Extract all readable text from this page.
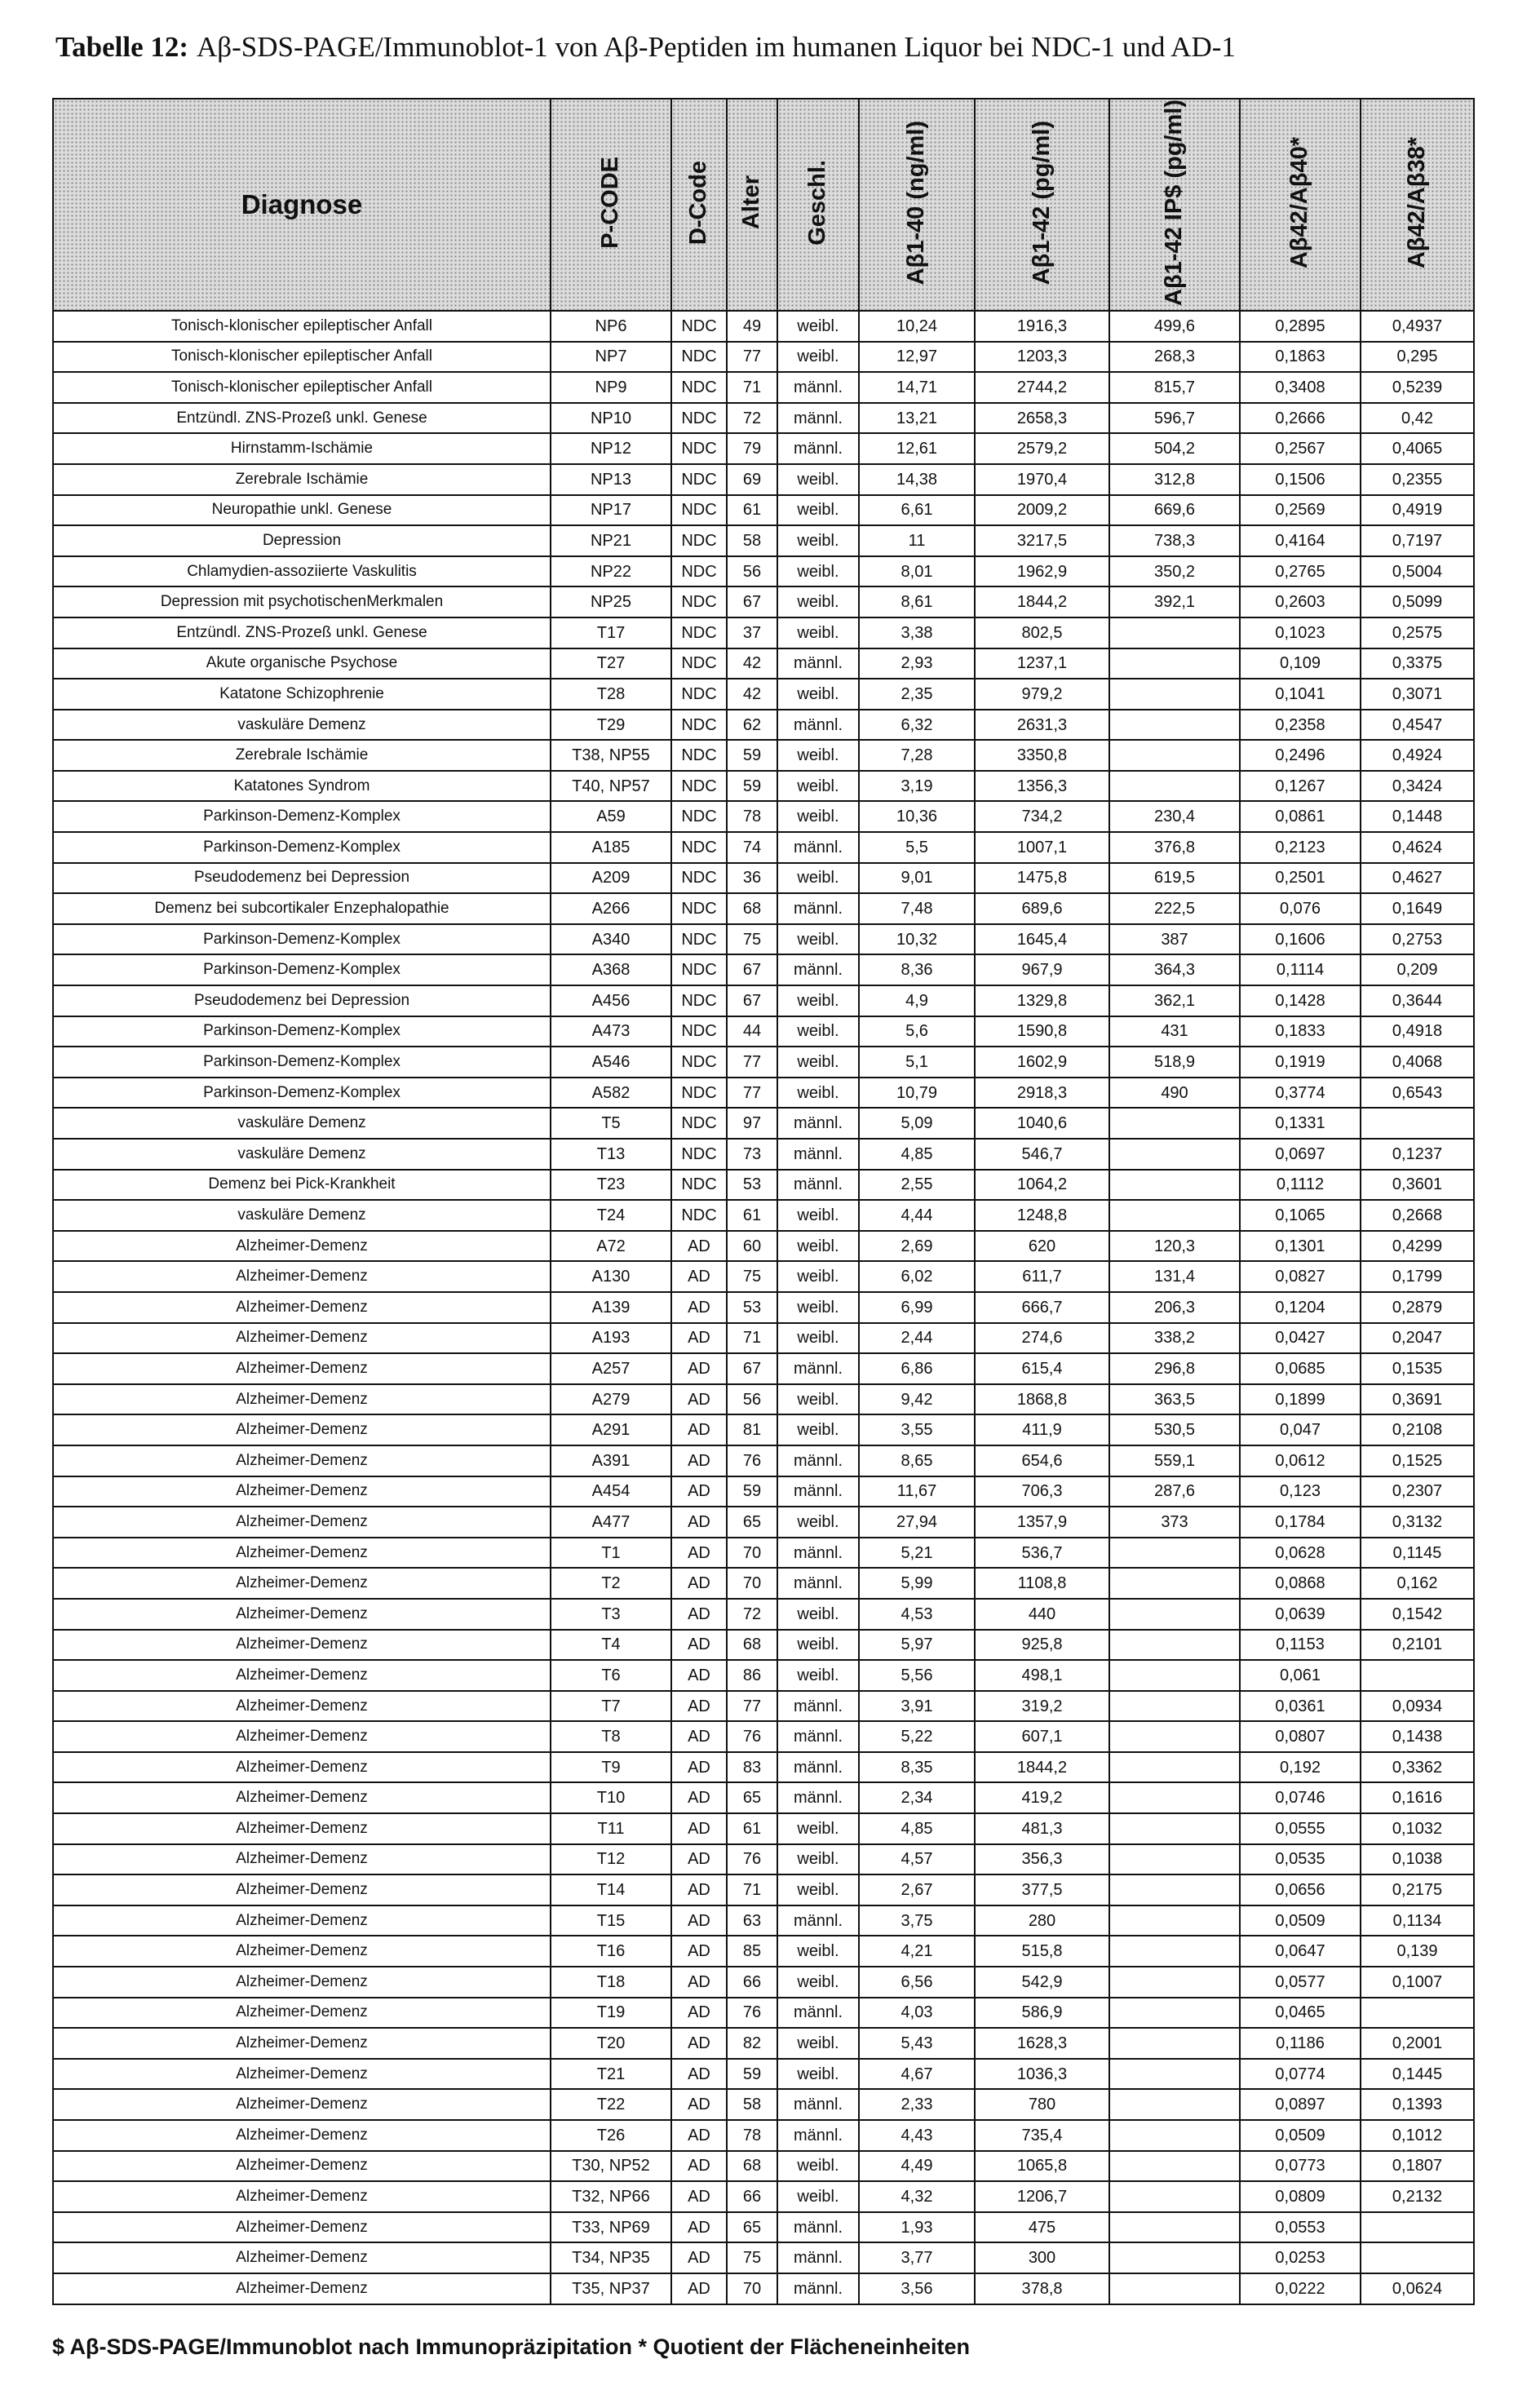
Tabelle 12: Aβ-SDS-PAGE/Immunoblot-1 von Aβ-Peptiden im humanen Liquor bei NDC-1 und AD-1
Diagnose	P-CODE	D-Code	Alter	Geschl.	Aβ1-40 (ng/ml)	Aβ1-42 (pg/ml)	Aβ1-42 IP$ (pg/ml)	Aβ42/Aβ40*	Aβ42/Aβ38*
Tonisch-klonischer epileptischer Anfall	NP6	NDC	49	weibl.	10,24	1916,3	499,6	0,2895	0,4937
Tonisch-klonischer epileptischer Anfall	NP7	NDC	77	weibl.	12,97	1203,3	268,3	0,1863	0,295
Tonisch-klonischer epileptischer Anfall	NP9	NDC	71	männl.	14,71	2744,2	815,7	0,3408	0,5239
Entzündl. ZNS-Prozeß unkl. Genese	NP10	NDC	72	männl.	13,21	2658,3	596,7	0,2666	0,42
Hirnstamm-Ischämie	NP12	NDC	79	männl.	12,61	2579,2	504,2	0,2567	0,4065
Zerebrale Ischämie	NP13	NDC	69	weibl.	14,38	1970,4	312,8	0,1506	0,2355
Neuropathie unkl. Genese	NP17	NDC	61	weibl.	6,61	2009,2	669,6	0,2569	0,4919
Depression	NP21	NDC	58	weibl.	11	3217,5	738,3	0,4164	0,7197
Chlamydien-assoziierte Vaskulitis	NP22	NDC	56	weibl.	8,01	1962,9	350,2	0,2765	0,5004
Depression mit psychotischenMerkmalen	NP25	NDC	67	weibl.	8,61	1844,2	392,1	0,2603	0,5099
Entzündl. ZNS-Prozeß unkl. Genese	T17	NDC	37	weibl.	3,38	802,5		0,1023	0,2575
Akute organische Psychose	T27	NDC	42	männl.	2,93	1237,1		0,109	0,3375
Katatone Schizophrenie	T28	NDC	42	weibl.	2,35	979,2		0,1041	0,3071
vaskuläre Demenz	T29	NDC	62	männl.	6,32	2631,3		0,2358	0,4547
Zerebrale Ischämie	T38, NP55	NDC	59	weibl.	7,28	3350,8		0,2496	0,4924
Katatones Syndrom	T40, NP57	NDC	59	weibl.	3,19	1356,3		0,1267	0,3424
Parkinson-Demenz-Komplex	A59	NDC	78	weibl.	10,36	734,2	230,4	0,0861	0,1448
Parkinson-Demenz-Komplex	A185	NDC	74	männl.	5,5	1007,1	376,8	0,2123	0,4624
Pseudodemenz bei Depression	A209	NDC	36	weibl.	9,01	1475,8	619,5	0,2501	0,4627
Demenz bei subcortikaler Enzephalopathie	A266	NDC	68	männl.	7,48	689,6	222,5	0,076	0,1649
Parkinson-Demenz-Komplex	A340	NDC	75	weibl.	10,32	1645,4	387	0,1606	0,2753
Parkinson-Demenz-Komplex	A368	NDC	67	männl.	8,36	967,9	364,3	0,1114	0,209
Pseudodemenz bei Depression	A456	NDC	67	weibl.	4,9	1329,8	362,1	0,1428	0,3644
Parkinson-Demenz-Komplex	A473	NDC	44	weibl.	5,6	1590,8	431	0,1833	0,4918
Parkinson-Demenz-Komplex	A546	NDC	77	weibl.	5,1	1602,9	518,9	0,1919	0,4068
Parkinson-Demenz-Komplex	A582	NDC	77	weibl.	10,79	2918,3	490	0,3774	0,6543
vaskuläre Demenz	T5	NDC	97	männl.	5,09	1040,6		0,1331	
vaskuläre Demenz	T13	NDC	73	männl.	4,85	546,7		0,0697	0,1237
Demenz bei Pick-Krankheit	T23	NDC	53	männl.	2,55	1064,2		0,1112	0,3601
vaskuläre Demenz	T24	NDC	61	weibl.	4,44	1248,8		0,1065	0,2668
Alzheimer-Demenz	A72	AD	60	weibl.	2,69	620	120,3	0,1301	0,4299
Alzheimer-Demenz	A130	AD	75	weibl.	6,02	611,7	131,4	0,0827	0,1799
Alzheimer-Demenz	A139	AD	53	weibl.	6,99	666,7	206,3	0,1204	0,2879
Alzheimer-Demenz	A193	AD	71	weibl.	2,44	274,6	338,2	0,0427	0,2047
Alzheimer-Demenz	A257	AD	67	männl.	6,86	615,4	296,8	0,0685	0,1535
Alzheimer-Demenz	A279	AD	56	weibl.	9,42	1868,8	363,5	0,1899	0,3691
Alzheimer-Demenz	A291	AD	81	weibl.	3,55	411,9	530,5	0,047	0,2108
Alzheimer-Demenz	A391	AD	76	männl.	8,65	654,6	559,1	0,0612	0,1525
Alzheimer-Demenz	A454	AD	59	männl.	11,67	706,3	287,6	0,123	0,2307
Alzheimer-Demenz	A477	AD	65	weibl.	27,94	1357,9	373	0,1784	0,3132
Alzheimer-Demenz	T1	AD	70	männl.	5,21	536,7		0,0628	0,1145
Alzheimer-Demenz	T2	AD	70	männl.	5,99	1108,8		0,0868	0,162
Alzheimer-Demenz	T3	AD	72	weibl.	4,53	440		0,0639	0,1542
Alzheimer-Demenz	T4	AD	68	weibl.	5,97	925,8		0,1153	0,2101
Alzheimer-Demenz	T6	AD	86	weibl.	5,56	498,1		0,061	
Alzheimer-Demenz	T7	AD	77	männl.	3,91	319,2		0,0361	0,0934
Alzheimer-Demenz	T8	AD	76	männl.	5,22	607,1		0,0807	0,1438
Alzheimer-Demenz	T9	AD	83	männl.	8,35	1844,2		0,192	0,3362
Alzheimer-Demenz	T10	AD	65	männl.	2,34	419,2		0,0746	0,1616
Alzheimer-Demenz	T11	AD	61	weibl.	4,85	481,3		0,0555	0,1032
Alzheimer-Demenz	T12	AD	76	weibl.	4,57	356,3		0,0535	0,1038
Alzheimer-Demenz	T14	AD	71	weibl.	2,67	377,5		0,0656	0,2175
Alzheimer-Demenz	T15	AD	63	männl.	3,75	280		0,0509	0,1134
Alzheimer-Demenz	T16	AD	85	weibl.	4,21	515,8		0,0647	0,139
Alzheimer-Demenz	T18	AD	66	weibl.	6,56	542,9		0,0577	0,1007
Alzheimer-Demenz	T19	AD	76	männl.	4,03	586,9		0,0465	
Alzheimer-Demenz	T20	AD	82	weibl.	5,43	1628,3		0,1186	0,2001
Alzheimer-Demenz	T21	AD	59	weibl.	4,67	1036,3		0,0774	0,1445
Alzheimer-Demenz	T22	AD	58	männl.	2,33	780		0,0897	0,1393
Alzheimer-Demenz	T26	AD	78	männl.	4,43	735,4		0,0509	0,1012
Alzheimer-Demenz	T30, NP52	AD	68	weibl.	4,49	1065,8		0,0773	0,1807
Alzheimer-Demenz	T32, NP66	AD	66	weibl.	4,32	1206,7		0,0809	0,2132
Alzheimer-Demenz	T33, NP69	AD	65	männl.	1,93	475		0,0553	
Alzheimer-Demenz	T34, NP35	AD	75	männl.	3,77	300		0,0253	
Alzheimer-Demenz	T35, NP37	AD	70	männl.	3,56	378,8		0,0222	0,0624
$ Aβ-SDS-PAGE/Immunoblot nach Immunopräzipitation * Quotient der Flächeneinheiten
